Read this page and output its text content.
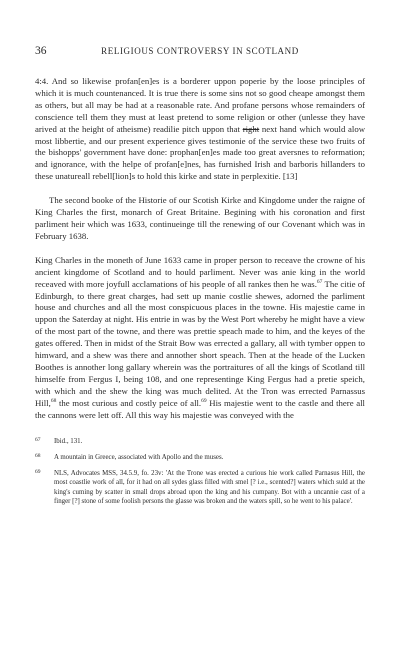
36	RELIGIOUS CONTROVERSY IN SCOTLAND

4:4. And so likewise profan[en]es is a borderer uppon poperie by the loose principles of which it is much countenanced. It is true there is some sins not so good cheape amongst them as others, but all may be had at a reasonable rate. And profane persons whose remainders of conscience tell them they must at least pretend to some religion or other (unlesse they have arived at the height of atheisme) readilie pitch uppon that right next hand which would alow most libbertie, and our present experience gives testimonie of the service these two fruits of the bishopps' government have done: prophan[en]es made too great aversnes to reformation; and ignorance, with the helpe of profan[e]nes, has furnished Irish and barboris hillanders to these unatureall rebell[lion]s to hold this kirke and state in perplexitie. [13]

The second booke of the Historie of our Scotish Kirke and Kingdome under the raigne of King Charles the first, monarch of Great Britaine. Begining with his coronation and first parliment heir which was 1633, continueinge till the renewing of our Covenant which was in February 1638.

King Charles in the moneth of June 1633 came in proper person to receave the crowne of his ancient kingdome of Scotland and to hould parliment. Never was anie king in the world receaved with more joyfull acclamations of his people of all rankes then he was.$^{67}$ The citie of Edinburgh, to there great charges, had sett up manie costlie shewes, adorned the parliment house and churches and all the most conspicuous places in the towne. His majestie came in uppon the Saterday at night. His entrie in was by the West Port whereby he might have a view of the most part of the towne, and there was prettie speach made to him, and the keyes of the gates offered. Then in midst of the Strait Bow was errected a gallary, all with tymber oppen to himward, and a shew was there and annother short speach. Then at the heade of the Lucken Boothes is annother long gallary wherein was the portraitures of all the kings of Scotland till himselfe from Fergus I, being 108, and one representinge King Fergus had a pretie speich, with which and the shew the king was much delited. At the Tron was errected Parnassus Hill,$^{68}$ the most curious and costly peice of all.$^{69}$ His majestie went to the castle and there all the cannons were lett off. All this way his majestie was conveyed with the

67 Ibid., 131.
68 A mountain in Greece, associated with Apollo and the muses.
69 NLS, Advocates MSS, 34.5.9, fo. 23v: 'At the Trone was erected a curious hie work called Parnasus Hill, the most coastlie work of all, for it had on all sydes glass filled with smel [? i.e., scented?] waters which suld at the king's cuming by scatter in small drops abroad upon the king and his cumpany. Bot with a uncannie cast of a finger [?] stone of some foolish persons the glasse was broken and the waters spill, so he went to his palace'.
